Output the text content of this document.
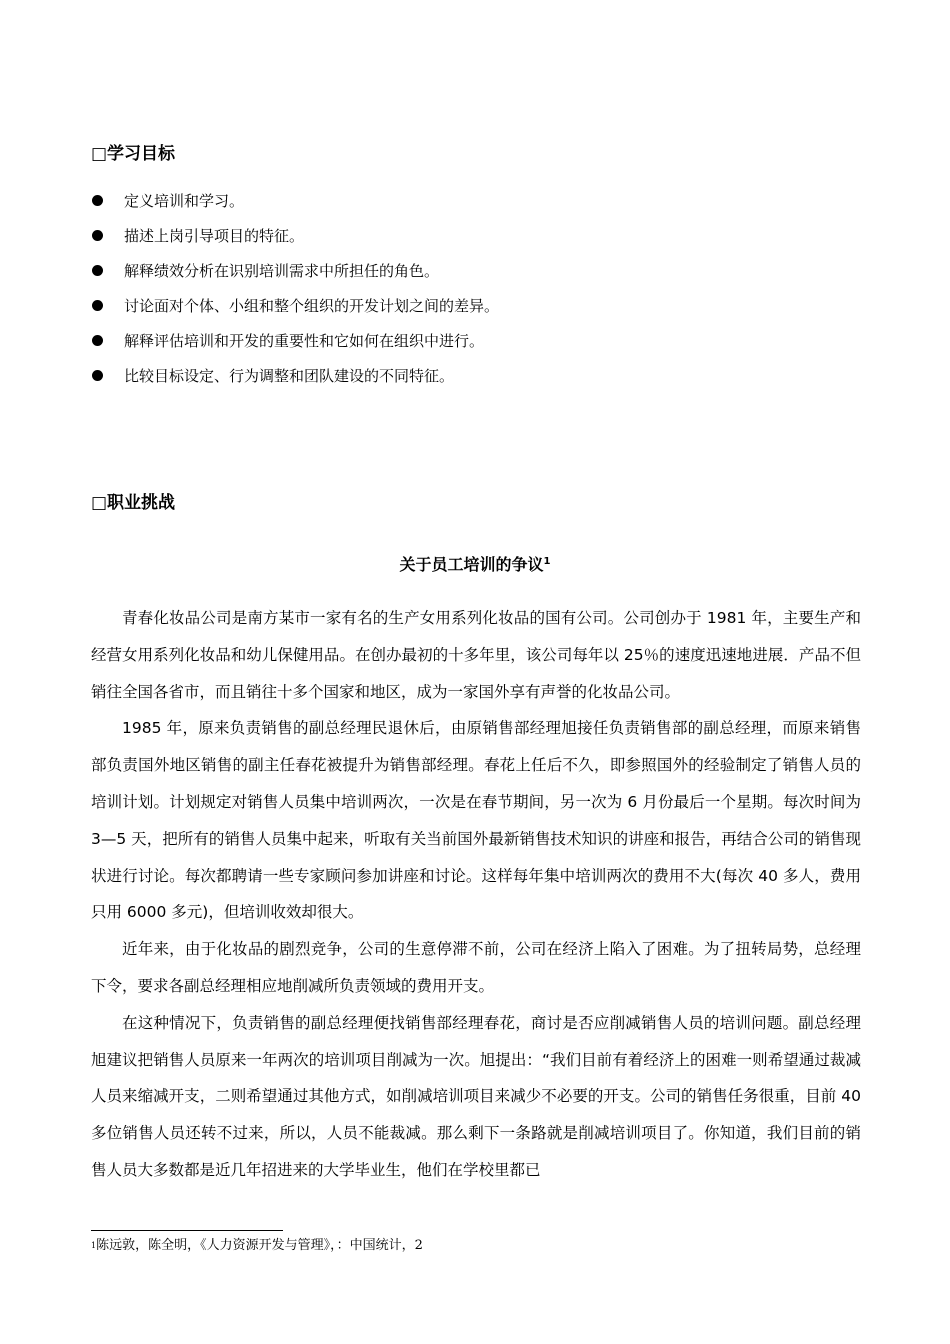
□学习目标
定义培训和学习。
描述上岗引导项目的特征。
解释绩效分析在识别培训需求中所担任的角色。
讨论面对个体、小组和整个组织的开发计划之间的差异。
解释评估培训和开发的重要性和它如何在组织中进行。
比较目标设定、行为调整和团队建设的不同特征。
□职业挑战
关于员工培训的争议$^1$

青春化妆品公司是南方某市一家有名的生产女用系列化妆品的国有公司。公司创办于 1981 年，主要生产和经营女用系列化妆品和幼儿保健用品。在创办最初的十多年里，该公司每年以 25％的速度迅速地进展．产品不但销往全国各省市，而且销往十多个国家和地区，成为一家国外享有声誉的化妆品公司。

1985 年，原来负责销售的副总经理民退休后，由原销售部经理旭接任负责销售部的副总经理，而原来销售部负责国外地区销售的副主任春花被提升为销售部经理。春花上任后不久，即参照国外的经验制定了销售人员的培训计划。计划规定对销售人员集中培训两次，一次是在春节期间，另一次为 6 月份最后一个星期。每次时间为 3—5 天，把所有的销售人员集中起来，听取有关当前国外最新销售技术知识的讲座和报告，再结合公司的销售现状进行讨论。每次都聘请一些专家顾问参加讲座和讨论。这样每年集中培训两次的费用不大(每次 40 多人，费用只用 6000 多元)，但培训收效却很大。

近年来，由于化妆品的剧烈竞争，公司的生意停滞不前，公司在经济上陷入了困难。为了扭转局势，总经理下令，要求各副总经理相应地削减所负责领域的费用开支。

在这种情况下，负责销售的副总经理便找销售部经理春花，商讨是否应削减销售人员的培训问题。副总经理旭建议把销售人员原来一年两次的培训项目削减为一次。旭提出：“我们目前有着经济上的困难一则希望通过裁减人员来缩减开支，二则希望通过其他方式，如削减培训项目来减少不必要的开支。公司的销售任务很重，目前 40 多位销售人员还转不过来，所以，人员不能裁减。那么剩下一条路就是削减培训项目了。你知道，我们目前的销售人员大多数都是近几年招进来的大学毕业生，他们在学校里都已

$^1$陈远敦，陈全明，《人力资源开发与管理》，：中国统计，2
